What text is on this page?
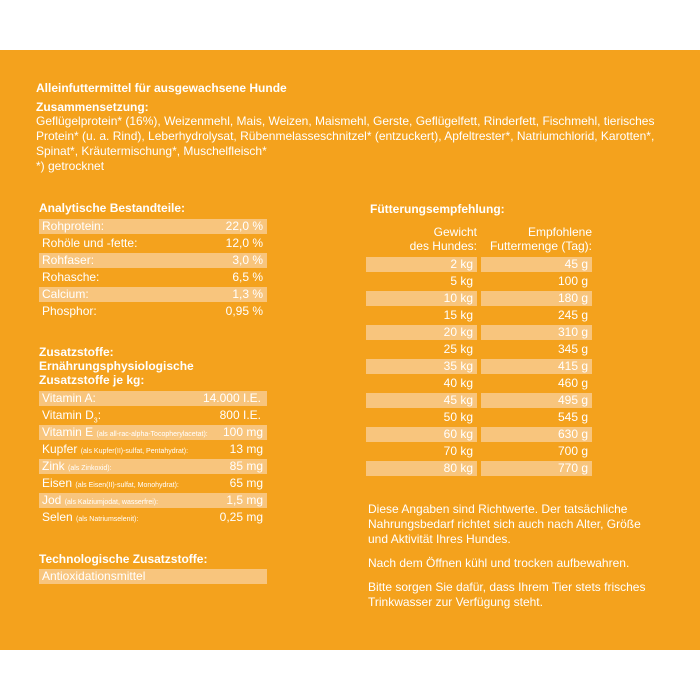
Alleinfuttermittel für ausgewachsene Hunde
Zusammensetzung:
Geflügelprotein* (16%), Weizenmehl, Mais, Weizen, Maismehl, Gerste, Geflügelfett, Rinderfett, Fischmehl, tierisches
Protein* (u. a. Rind), Leberhydrolysat, Rübenmelasseschnitzel* (entzuckert), Apfeltrester*, Natriumchlorid, Karotten*,
Spinat*, Kräutermischung*, Muschelfleisch*
*) getrocknet
Analytische Bestandteile:
Rohprotein:	22,0 %
Rohöle und -fette:	12,0 %
Rohfaser:	3,0 %
Rohasche:	6,5 %
Calcium:	1,3 %
Phosphor:	0,95 %
Zusatzstoffe:
Ernährungsphysiologische
Zusatzstoffe je kg:
Vitamin A:	14.000 I.E.
Vitamin $D_3$:	800 I.E.
Vitamin E (als all-rac-alpha-Tocopherylacetat): 100 mg
Kupfer (als Kupfer(II)-sulfat, Pentahydrat):	13 mg
Zink (als Zinkoxid):	85 mg
Eisen (als Eisen(II)-sulfat, Monohydrat):	65 mg
Jod (als Kalziumjodat, wasserfrei):	1,5 mg
Selen (als Natriumselenit):	0,25 mg
Technologische Zusatzstoffe:
Antioxidationsmittel
Fütterungsempfehlung:
Gewicht
des Hundes:
Empfohlene
Futtermenge (Tag):
2 kg	45 g
5 kg	100 g
10 kg	180 g
15 kg	245 g
20 kg	310 g
25 kg	345 g
35 kg	415 g
40 kg	460 g
45 kg	495 g
50 kg	545 g
60 kg	630 g
70 kg	700 g
80 kg	770 g
Diese Angaben sind Richtwerte. Der tatsächliche
Nahrungsbedarf richtet sich auch nach Alter, Größe
und Aktivität Ihres Hundes.
Nach dem Öffnen kühl und trocken aufbewahren.
Bitte sorgen Sie dafür, dass Ihrem Tier stets frisches
Trinkwasser zur Verfügung steht.
